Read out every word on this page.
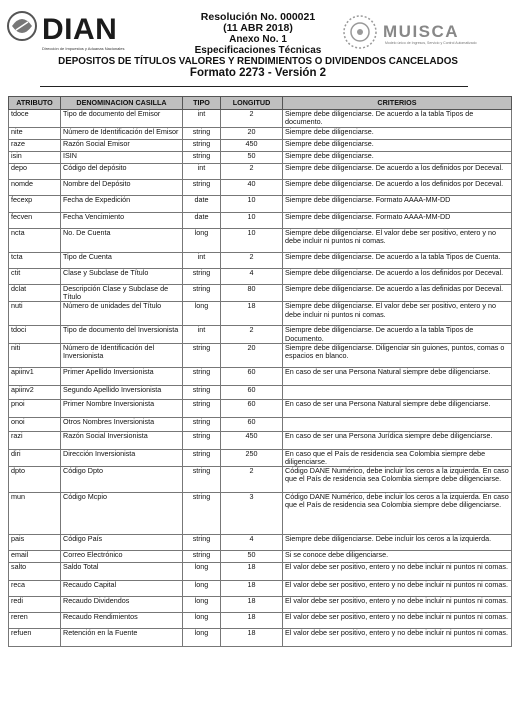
DIAN
Dirección de Impuestos y Aduanas Nacionales
MUISCA
Modelo único de Ingresos, Servicio y Control Automatizado
Resolución No. 000021
(11 ABR 2018)
Anexo No. 1
Especificaciones Técnicas
DEPOSITOS DE TÍTULOS VALORES Y RENDIMIENTOS O DIVIDENDOS CANCELADOS
Formato 2273 - Versión 2
ATRIBUTO	DENOMINACION CASILLA	TIPO	LONGITUD	CRITERIOS
tdoce	Tipo de documento del Emisor	int	2	Siempre debe diligenciarse. De acuerdo a la tabla Tipos de documento.
nite	Número de Identificación del Emisor	string	20	Siempre debe diligenciarse.
raze	Razón Social Emisor	string	450	Siempre debe diligenciarse.
isin	ISIN	string	50	Siempre debe diligenciarse.
depo	Código del depósito	int	2	Siempre debe diligenciarse. De acuerdo a los definidos por Deceval.
nomde	Nombre del Depósito	string	40	Siempre debe diligenciarse. De acuerdo a los definidos por Deceval.
fecexp	Fecha de Expedición	date	10	Siempre debe diligenciarse. Formato AAAA-MM-DD
fecven	Fecha Vencimiento	date	10	Siempre debe diligenciarse. Formato AAAA-MM-DD
ncta	No. De Cuenta	long	10	Siempre debe diligenciarse. El valor debe ser positivo, entero y no debe incluir ni puntos ni comas.
tcta	Tipo de Cuenta	int	2	Siempre debe diligenciarse. De acuerdo a la tabla Tipos de Cuenta.
ctit	Clase y Subclase de Título	string	4	Siempre debe diligenciarse. De acuerdo a los definidos por Deceval.
dclat	Descripción Clase y Subclase de Título	string	80	Siempre debe diligenciarse. De acuerdo a las definidas por Deceval.
nuti	Número de unidades del Título	long	18	Siempre debe diligenciarse. El valor debe ser positivo, entero y no debe incluir ni puntos ni comas.
tdoci	Tipo de documento del Inversionista	int	2	Siempre debe diligenciarse. De acuerdo a la tabla Tipos de Documento.
niti	Número de Identificación del Inversionista	string	20	Siempre debe diligenciarse. Diligenciar sin guiones, puntos, comas o espacios en blanco.
apiinv1	Primer Apellido Inversionista	string	60	En caso de ser una Persona Natural siempre debe diligenciarse.
apiinv2	Segundo Apellido Inversionista	string	60	
pnoi	Primer Nombre Inversionista	string	60	En caso de ser una Persona Natural siempre debe diligenciarse.
onoi	Otros Nombres Inversionista	string	60	
razi	Razón Social Inversionista	string	450	En caso de ser una Persona Jurídica siempre debe diligenciarse.
diri	Dirección Inversionista	string	250	En caso que el País de residencia sea Colombia siempre debe diligenciarse.
dpto	Código Dpto	string	2	Código DANE Numérico, debe incluir los ceros a la izquierda. En caso que el País de residencia sea Colombia siempre debe diligenciarse.
mun	Código Mcpio	string	3	Código DANE Numérico, debe incluir los ceros a la izquierda. En caso que el País de residencia sea Colombia siempre debe diligenciarse.
pais	Código País	string	4	Siempre debe diligenciarse. Debe incluir los ceros a la izquierda.
email	Correo Electrónico	string	50	Si se conoce debe diligenciarse.
salto	Saldo Total	long	18	El valor debe ser positivo, entero y no debe incluir ni puntos ni comas.
reca	Recaudo Capital	long	18	El valor debe ser positivo, entero y no debe incluir ni puntos ni comas.
redi	Recaudo Dividendos	long	18	El valor debe ser positivo, entero y no debe incluir ni puntos ni comas.
reren	Recaudo Rendimientos	long	18	El valor debe ser positivo, entero y no debe incluir ni puntos ni comas.
refuen	Retención en la Fuente	long	18	El valor debe ser positivo, entero y no debe incluir ni puntos ni comas.
